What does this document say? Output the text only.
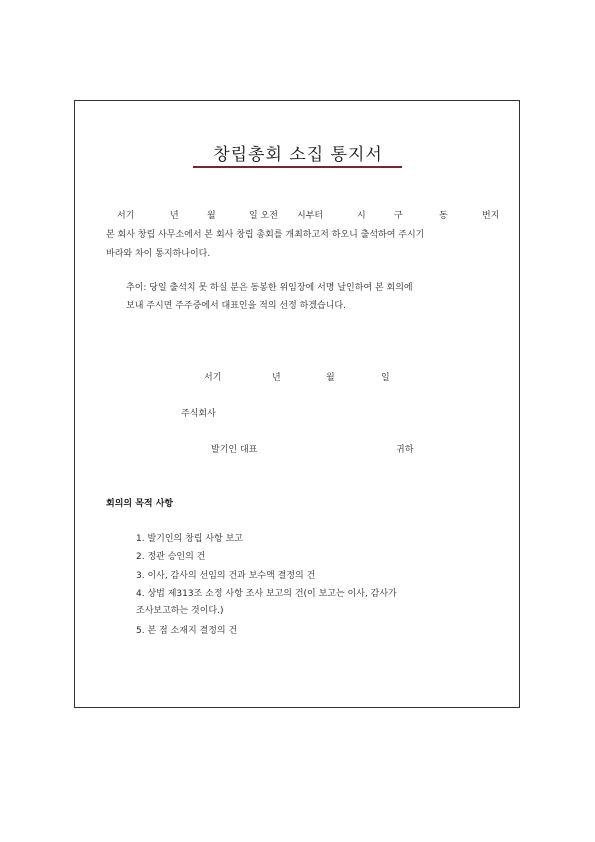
창립총회 소집 통지서
서기	년	월	일 오전 시부터	시	구	동	번지
본 회사 창립 사무소에서 본 회사 창립 총회를 개최하고저 하오니 출석하여 주시기
바라와 차이 통지하나이다.
추이: 당일 출석치 못 하실 분은 동봉한 위임장에 서명 날인하여 본 회의에
보내 주시면 주주중에서 대표인을 적의 선정 하겠습니다.
서기	년	월	일
주식회사
발기인 대표	귀하
회의의 목적 사항
1. 발기인의 창립 사항 보고
2. 정관 승인의 건
3. 이사, 감사의 선임의 건과 보수액 결정의 건
4. 상법 제313조 소정 사항 조사 보고의 건(이 보고는 이사, 감사가
조사보고하는 것이다.)
5. 본 점 소재지 결정의 건
